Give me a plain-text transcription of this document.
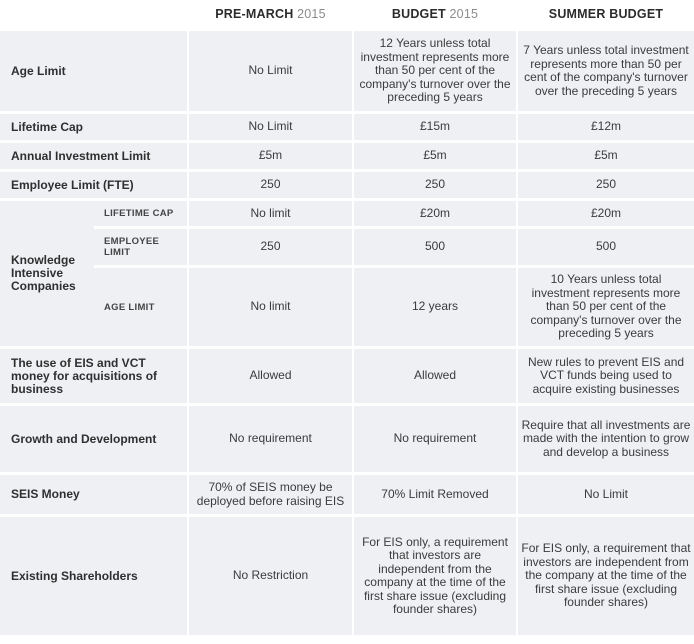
			PRE-MARCH 2015		BUDGET 2015		SUMMER BUDGET
Age Limit			No Limit		12 Years unless total investment represents more than 50 per cent of the company's turnover over the preceding 5 years		7 Years unless total investment represents more than 50 per cent of the company's turnover over the preceding 5 years
Lifetime Cap			No Limit		£15m		£12m
Annual Investment Limit			£5m		£5m		£5m
Employee Limit (FTE)			250		250		250
Knowledge Intensive Companies	LIFETIME CAP		No limit		£20m		£20m
	EMPLOYEE LIMIT		250		500		500
	AGE LIMIT		No limit		12 years		10 Years unless total investment represents more than 50 per cent of the company's turnover over the preceding 5 years
The use of EIS and VCT money for acquisitions of business			Allowed		Allowed		New rules to prevent EIS and VCT funds being used to acquire existing businesses
Growth and Development			No requirement		No requirement		Require that all investments are made with the intention to grow and develop a business
SEIS Money			70% of SEIS money be deployed before raising EIS		70% Limit Removed		No Limit
Existing Shareholders			No Restriction		For EIS only, a requirement that investors are independent from the company at the time of the first share issue (excluding founder shares)		For EIS only, a requirement that investors are independent from the company at the time of the first share issue (excluding founder shares)
